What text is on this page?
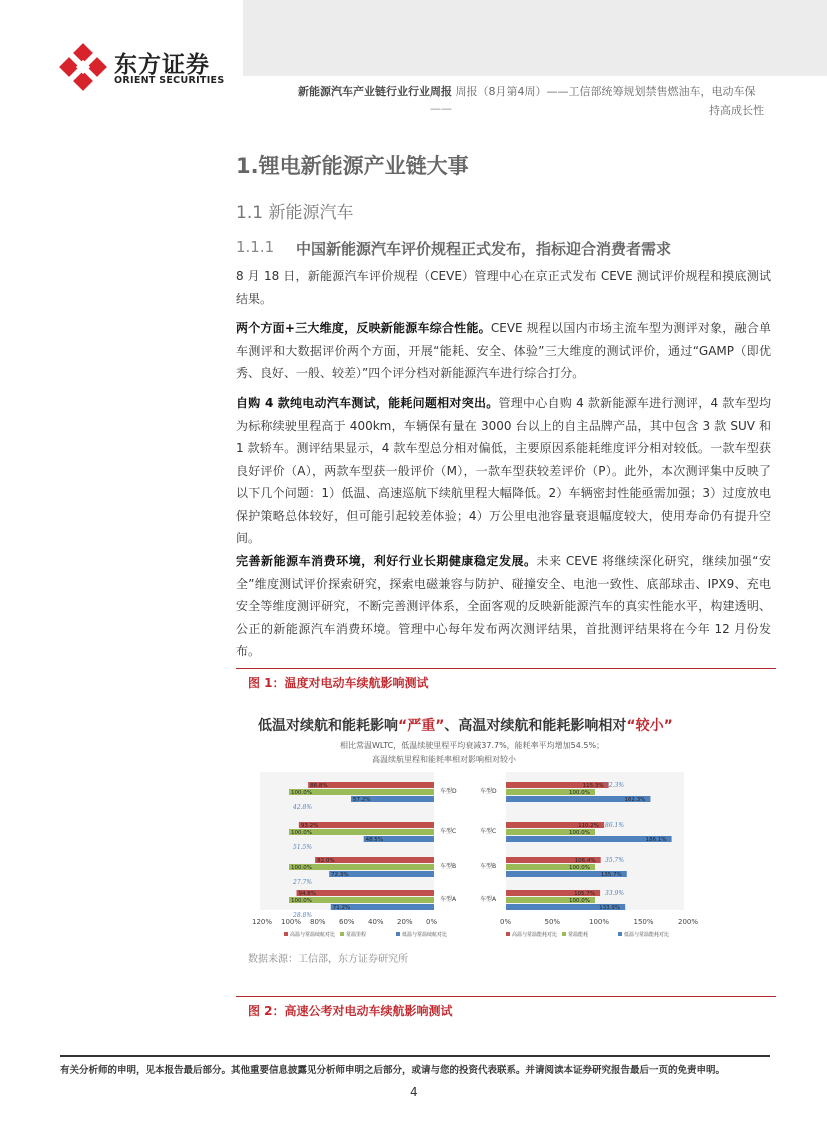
东方证券
ORIENT SECURITIES
新能源汽车产业链行业行业周报 周报（8月第4周）——工信部统筹规划禁售燃油车，电动车保
——	持高成长性
1.锂电新能源产业链大事
1.1 新能源汽车
1.1.1 中国新能源汽车评价规程正式发布，指标迎合消费者需求
8 月 18 日，新能源汽车评价规程（CEVE）管理中心在京正式发布 CEVE 测试评价规程和摸底测试结果。
两个方面+三大维度，反映新能源车综合性能。CEVE 规程以国内市场主流车型为测评对象，融合单车测评和大数据评价两个方面，开展“能耗、安全、体验”三大维度的测试评价，通过“GAMP（即优秀、良好、一般、较差）”四个评分档对新能源汽车进行综合打分。
自购 4 款纯电动汽车测试，能耗问题相对突出。管理中心自购 4 款新能源车进行测评，4 款车型均为标称续驶里程高于 400km，车辆保有量在 3000 台以上的自主品牌产品，其中包含 3 款 SUV 和 1 款轿车。测评结果显示，4 款车型总分相对偏低，主要原因系能耗维度评分相对较低。一款车型获良好评价（A），两款车型获一般评价（M），一款车型获较差评价（P）。此外，本次测评集中反映了以下几个问题：1）低温、高速巡航下续航里程大幅降低。2）车辆密封性能亟需加强；3）过度放电保护策略总体较好，但可能引起较差体验；4）万公里电池容量衰退幅度较大，使用寿命仍有提升空间。
完善新能源车消费环境，利好行业长期健康稳定发展。未来 CEVE 将继续深化研究，继续加强“安全”维度测试评价探索研究，探索电磁兼容与防护、碰撞安全、电池一致性、底部球击、IPX9、充电安全等维度测评研究，不断完善测评体系，全面客观的反映新能源汽车的真实性能水平，构建透明、公正的新能源汽车消费环境。管理中心每年发布两次测评结果，首批测评结果将在今年 12 月份发布。
图 1：温度对电动车续航影响测试
低温对续航和能耗影响“严重”、高温对续航和能耗影响相对“较小”
相比常温WLTC，低温续驶里程平均衰减37.7%，能耗率平均增加54.5%；
高温续航里程和能耗率相对影响相对较小
86.8%
100.0%
57.2%
42.8%
车型D	车型D
115.3%
100.0%
162.3%
62.3%
93.2%
100.0%
48.5%
51.5%
车型C	车型C
110.2%
100.0%
186.1%
86.1%
82.0%
100.0%
72.3%
27.7%
车型B	车型B
106.4%
100.0%
135.7%
35.7%
94.8%
100.0%
71.2%
28.8%
车型A	车型A
105.7%
100.0%
133.9%
33.9%
120% 100% 80% 60% 40% 20% 0%	0%	50%	100%	150%	200%
高温与常温续航对比 常温里程	低温与常温续航对比	高温与常温能耗对比 常温能耗	低温与常温能耗对比
数据来源：工信部，东方证券研究所
图 2：高速公考对电动车续航影响测试
有关分析师的申明，见本报告最后部分。其他重要信息披露见分析师申明之后部分，或请与您的投资代表联系。并请阅读本证券研究报告最后一页的免责申明。
4
